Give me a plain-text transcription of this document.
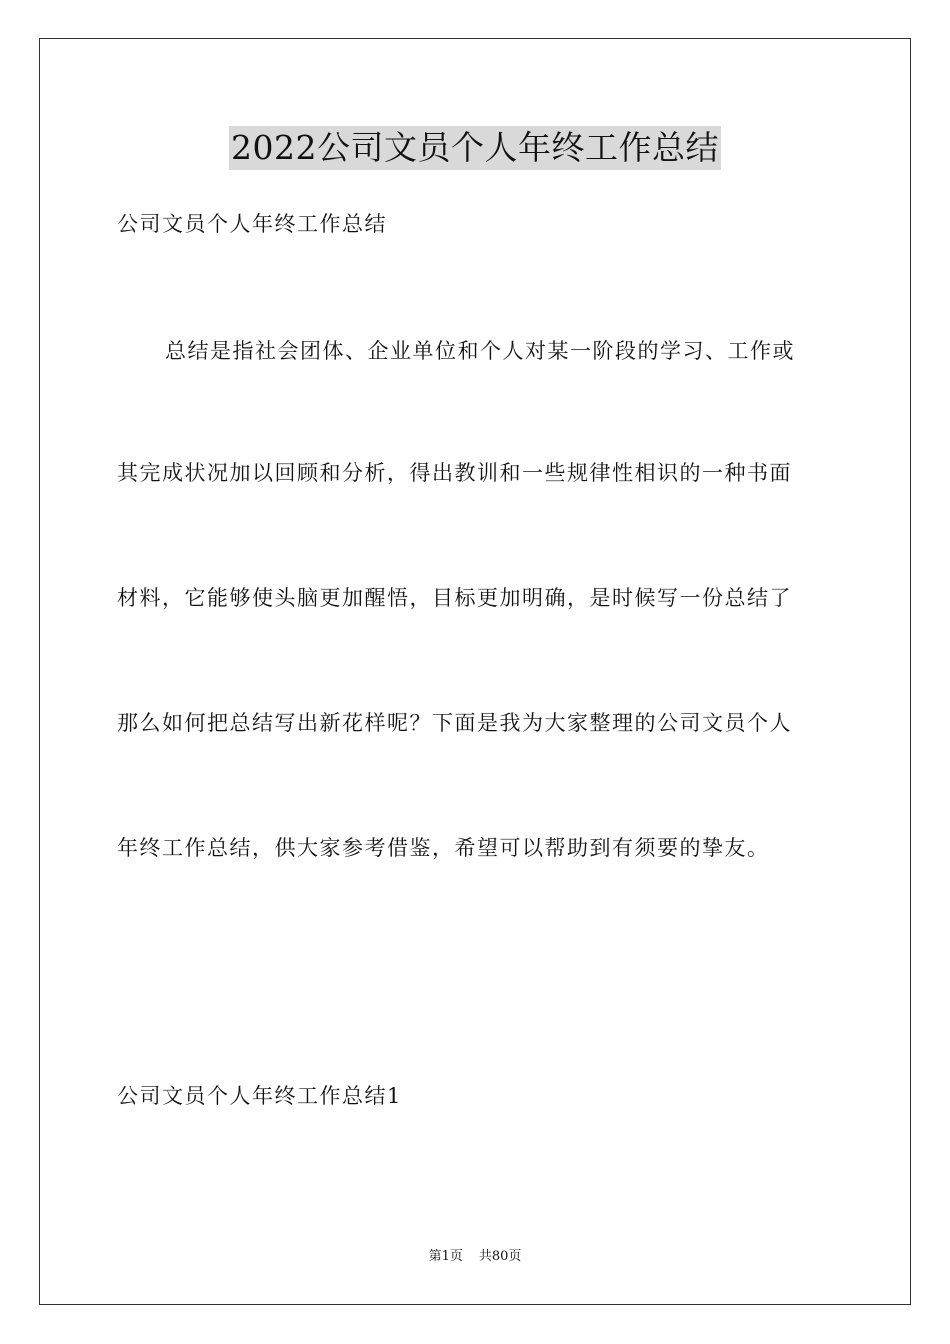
2022公司文员个人年终工作总结
公司文员个人年终工作总结
总结是指社会团体、企业单位和个人对某一阶段的学习、工作或
其完成状况加以回顾和分析，得出教训和一些规律性相识的一种书面
材料，它能够使头脑更加醒悟，目标更加明确，是时候写一份总结了
那么如何把总结写出新花样呢？下面是我为大家整理的公司文员个人
年终工作总结，供大家参考借鉴，希望可以帮助到有须要的挚友。
公司文员个人年终工作总结1
第1页 共80页
